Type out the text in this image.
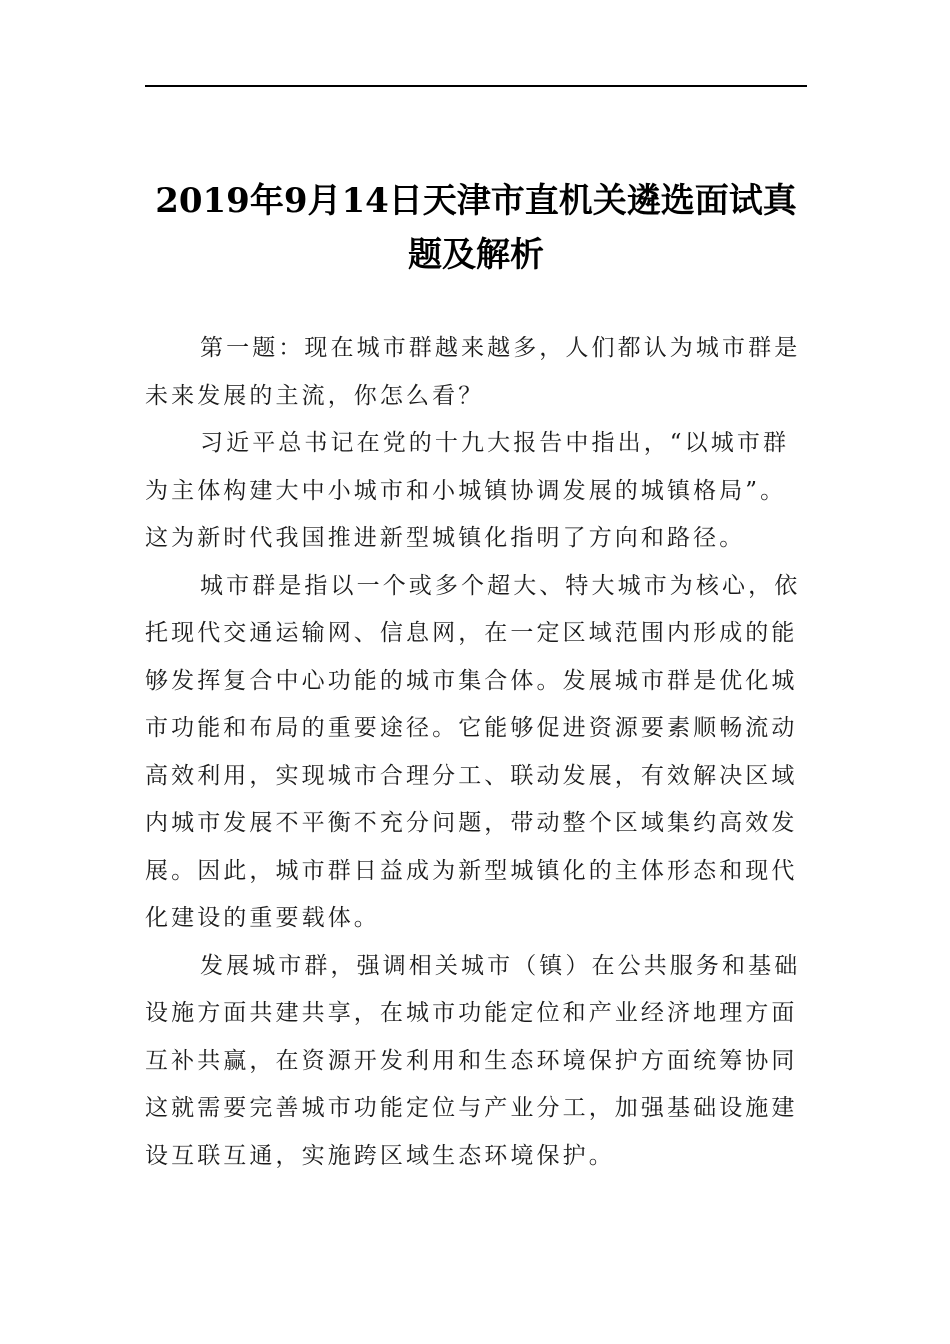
2019年9月14日天津市直机关遴选面试真
题及解析

第一题：现在城市群越来越多，人们都认为城市群是
未来发展的主流，你怎么看？

习近平总书记在党的十九大报告中指出，“以城市群
为主体构建大中小城市和小城镇协调发展的城镇格局”。
这为新时代我国推进新型城镇化指明了方向和路径。

城市群是指以一个或多个超大、特大城市为核心，依
托现代交通运输网、信息网，在一定区域范围内形成的能
够发挥复合中心功能的城市集合体。发展城市群是优化城
市功能和布局的重要途径。它能够促进资源要素顺畅流动
高效利用，实现城市合理分工、联动发展，有效解决区域
内城市发展不平衡不充分问题，带动整个区域集约高效发
展。因此，城市群日益成为新型城镇化的主体形态和现代
化建设的重要载体。

发展城市群，强调相关城市（镇）在公共服务和基础
设施方面共建共享，在城市功能定位和产业经济地理方面
互补共赢，在资源开发利用和生态环境保护方面统筹协同
这就需要完善城市功能定位与产业分工，加强基础设施建
设互联互通，实施跨区域生态环境保护。
